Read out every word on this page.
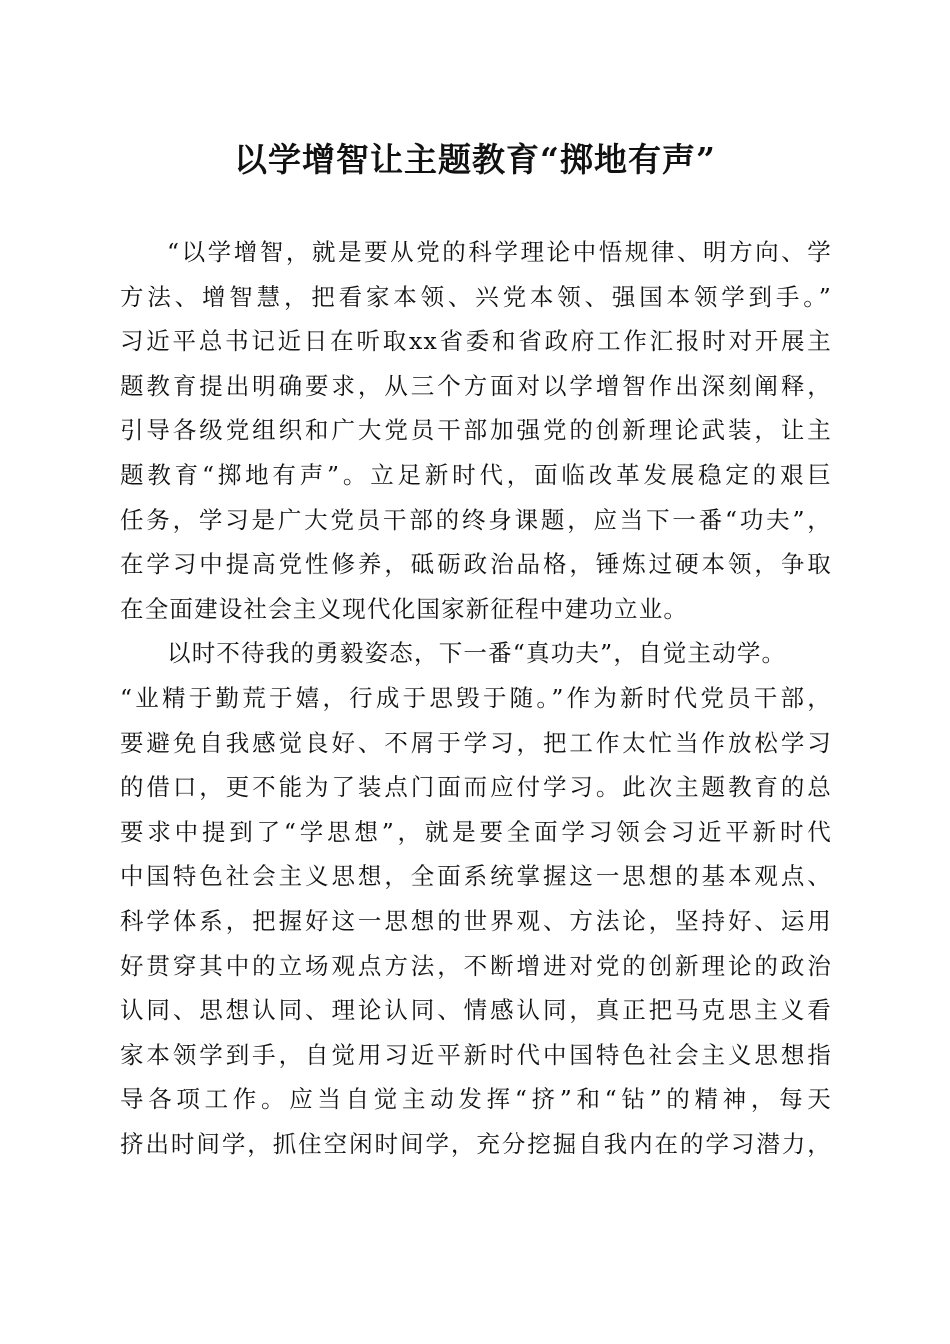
以学增智让主题教育“掷地有声”
“以学增智，就是要从党的科学理论中悟规律、明方向、学
方法、增智慧，把看家本领、兴党本领、强国本领学到手。”
习近平总书记近日在听取xx省委和省政府工作汇报时对开展主
题教育提出明确要求，从三个方面对以学增智作出深刻阐释，
引导各级党组织和广大党员干部加强党的创新理论武装，让主
题教育“掷地有声”。立足新时代，面临改革发展稳定的艰巨
任务，学习是广大党员干部的终身课题，应当下一番“功夫”，
在学习中提高党性修养，砥砺政治品格，锤炼过硬本领，争取
在全面建设社会主义现代化国家新征程中建功立业。
以时不待我的勇毅姿态，下一番“真功夫”，自觉主动学。
“业精于勤荒于嬉，行成于思毁于随。”作为新时代党员干部，
要避免自我感觉良好、不屑于学习，把工作太忙当作放松学习
的借口，更不能为了装点门面而应付学习。此次主题教育的总
要求中提到了“学思想”，就是要全面学习领会习近平新时代
中国特色社会主义思想，全面系统掌握这一思想的基本观点、
科学体系，把握好这一思想的世界观、方法论，坚持好、运用
好贯穿其中的立场观点方法，不断增进对党的创新理论的政治
认同、思想认同、理论认同、情感认同，真正把马克思主义看
家本领学到手，自觉用习近平新时代中国特色社会主义思想指
导各项工作。应当自觉主动发挥“挤”和“钻”的精神，每天
挤出时间学，抓住空闲时间学，充分挖掘自我内在的学习潜力，
